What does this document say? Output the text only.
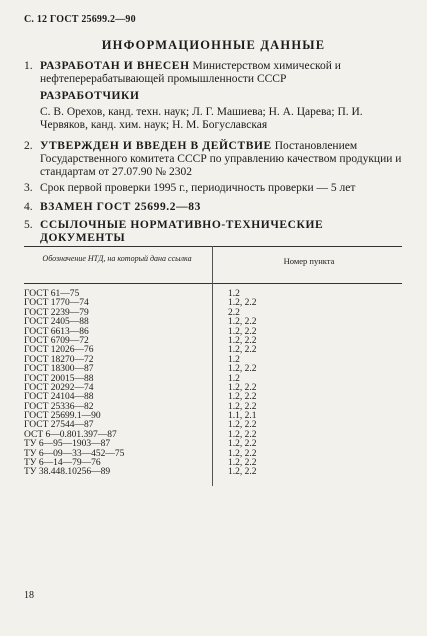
С. 12 ГОСТ 25699.2—90
ИНФОРМАЦИОННЫЕ ДАННЫЕ
1. РАЗРАБОТАН И ВНЕСЕН Министерством химической и нефтеперерабатывающей промышленности СССР
РАЗРАБОТЧИКИ
С. В. Орехов, канд. техн. наук; Л. Г. Машиева; Н. А. Царева; П. И. Червяков, канд. хим. наук; Н. М. Богуславская
2. УТВЕРЖДЕН И ВВЕДЕН В ДЕЙСТВИЕ Постановлением Государственного комитета СССР по управлению качеством продукции и стандартам от 27.07.90 № 2302
3. Срок первой проверки 1995 г., периодичность проверки — 5 лет
4. ВЗАМЕН ГОСТ 25699.2—83
5. ССЫЛОЧНЫЕ НОРМАТИВНО-ТЕХНИЧЕСКИЕ ДОКУМЕНТЫ
Обозначение НТД, на который дана ссылка	Номер пункта
ГОСТ 61—75	1.2
ГОСТ 1770—74	1.2, 2.2
ГОСТ 2239—79	2.2
ГОСТ 2405—88	1.2, 2.2
ГОСТ 6613—86	1.2, 2.2
ГОСТ 6709—72	1.2, 2.2
ГОСТ 12026—76	1.2, 2.2
ГОСТ 18270—72	1.2
ГОСТ 18300—87	1.2, 2.2
ГОСТ 20015—88	1.2
ГОСТ 20292—74	1.2, 2.2
ГОСТ 24104—88	1.2, 2.2
ГОСТ 25336—82	1.2, 2.2
ГОСТ 25699.1—90	1.1, 2.1
ГОСТ 27544—87	1.2, 2.2
ОСТ 6—0.801.397—87	1.2, 2.2
ТУ 6—95—1903—87	1.2, 2.2
ТУ 6—09—33—452—75	1.2, 2.2
ТУ 6—14—79—76	1.2, 2.2
ТУ 38.448.10256—89	1.2, 2.2
18
